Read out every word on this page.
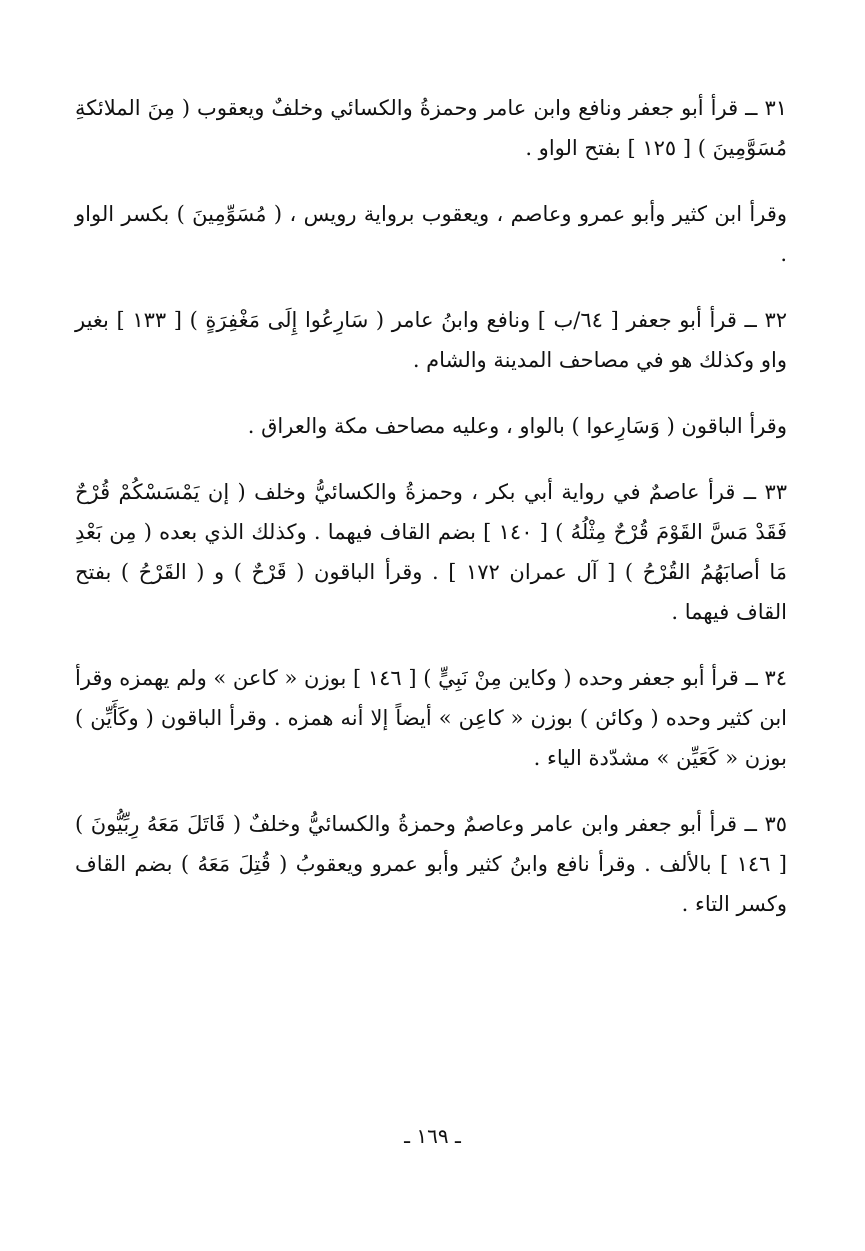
٣١ ــ قرأ أبو جعفر ونافع وابن عامر وحمزةُ والكسائي وخلفٌ ويعقوب ( مِنَ الملائكةِ مُسَوَّمِينَ ) [ ١٢٥ ] بفتح الواو .

وقرأ ابن كثير وأبو عمرو وعاصم ، ويعقوب برواية رويس ، ( مُسَوِّمِينَ ) بكسر الواو .

٣٢ ــ قرأ أبو جعفر [ ٦٤/ب ] ونافع وابنُ عامر ( سَارِعُوا إِلَى مَغْفِرَةٍ ) [ ١٣٣ ] بغير واو وكذلك هو في مصاحف المدينة والشام .

وقرأ الباقون ( وَسَارِعوا ) بالواو ، وعليه مصاحف مكة والعراق .

٣٣ ــ قرأ عاصمٌ في رواية أبي بكر ، وحمزةُ والكسائيُّ وخلف ( إن يَمْسَسْكُمْ قُرْحٌ فَقَدْ مَسَّ القَوْمَ قُرْحٌ مِثْلُهُ ) [ ١٤٠ ] بضم القاف فيهما . وكذلك الذي بعده ( مِن بَعْدِ مَا أصابَهُمُ القُرْحُ ) [ آل عمران ١٧٢ ] . وقرأ الباقون ( قَرْحٌ ) و ( القَرْحُ ) بفتح القاف فيهما .

٣٤ ــ قرأ أبو جعفر وحده ( وكاين مِنْ نَبِيٍّ ) [ ١٤٦ ] بوزن « كاعن » ولم يهمزه وقرأ ابن كثير وحده ( وكائن ) بوزن « كاعِن » أيضاً إلا أنه همزه . وقرأ الباقون ( وكَأَيِّن ) بوزن « كَعَيِّن » مشدّدة الياء .

٣٥ ــ قرأ أبو جعفر وابن عامر وعاصمٌ وحمزةُ والكسائيُّ وخلفٌ ( قَاتَلَ مَعَهُ رِبِّيُّونَ ) [ ١٤٦ ] بالألف . وقرأ نافع وابنُ كثير وأبو عمرو ويعقوبُ ( قُتِلَ مَعَهُ ) بضم القاف وكسر التاء .

ـ ١٦٩ ـ
